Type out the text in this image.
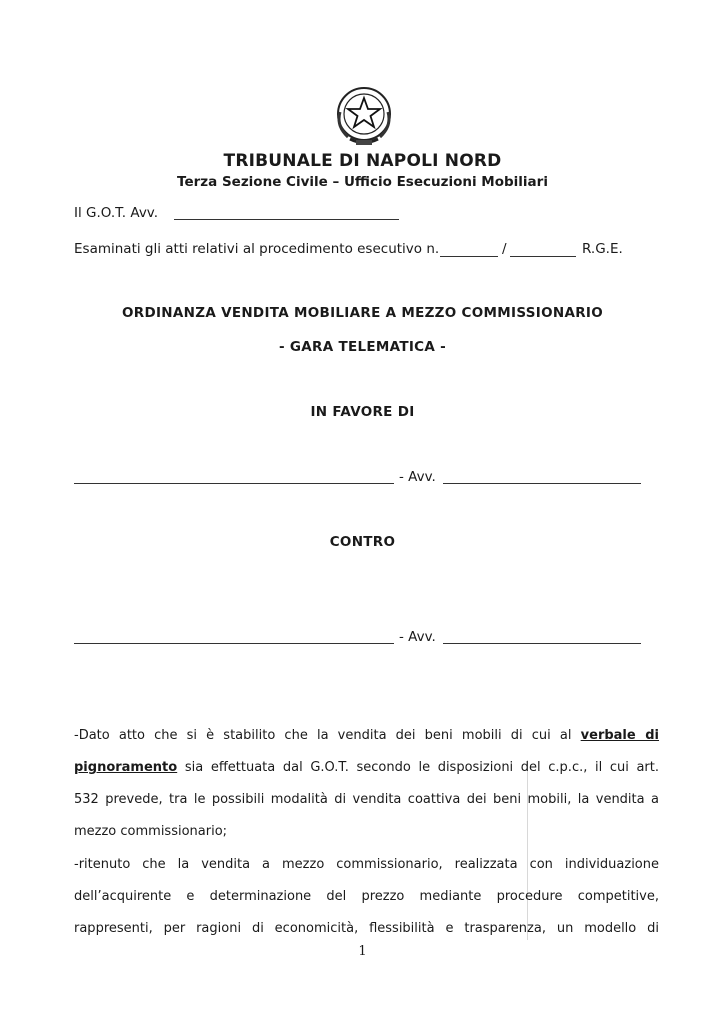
TRIBUNALE DI NAPOLI NORD
Terza Sezione Civile – Ufficio Esecuzioni Mobiliari
Il G.O.T. Avv.
Esaminati gli atti relativi al procedimento esecutivo n.	/	R.G.E.
ORDINANZA VENDITA MOBILIARE A MEZZO COMMISSIONARIO
- GARA TELEMATICA -
IN FAVORE DI
- Avv.
CONTRO
- Avv.
-Dato atto che si è stabilito che la vendita dei beni mobili di cui al verbale di
pignoramento sia effettuata dal G.O.T. secondo le disposizioni del c.p.c., il cui art.
532 prevede, tra le possibili modalità di vendita coattiva dei beni mobili, la vendita a
mezzo commissionario;
-ritenuto che la vendita a mezzo commissionario, realizzata con individuazione
dell’acquirente e determinazione del prezzo mediante procedure competitive,
rappresenti, per ragioni di economicità, flessibilità e trasparenza, un modello di
1
